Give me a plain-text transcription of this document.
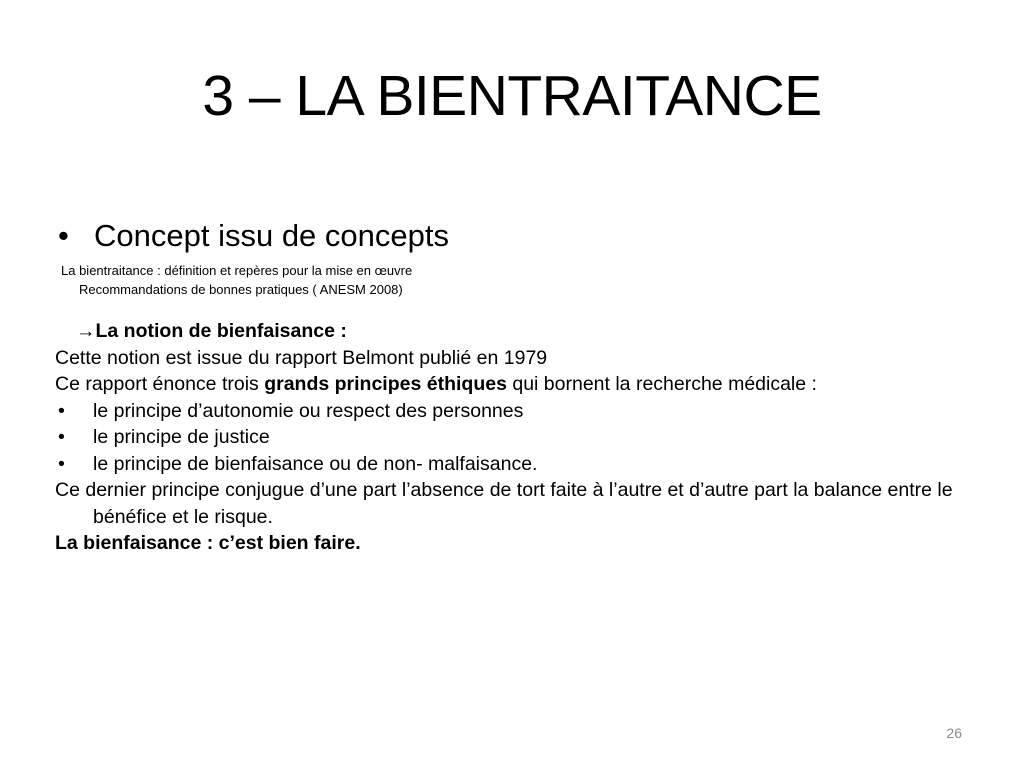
3 – LA BIENTRAITANCE
• Concept issu de concepts
La bientraitance : définition et repères pour la mise en œuvre
Recommandations de bonnes pratiques ( ANESM 2008)
→La notion de bienfaisance :
Cette notion est issue du rapport Belmont publié en 1979
Ce rapport énonce trois grands principes éthiques qui bornent la recherche médicale :
• le principe d’autonomie ou respect des personnes
• le principe de justice
• le principe de bienfaisance ou de non- malfaisance.
Ce dernier principe conjugue d’une part l’absence de tort faite à l’autre et d’autre part la balance entre le bénéfice et le risque.
La bienfaisance : c’est bien faire.
26
